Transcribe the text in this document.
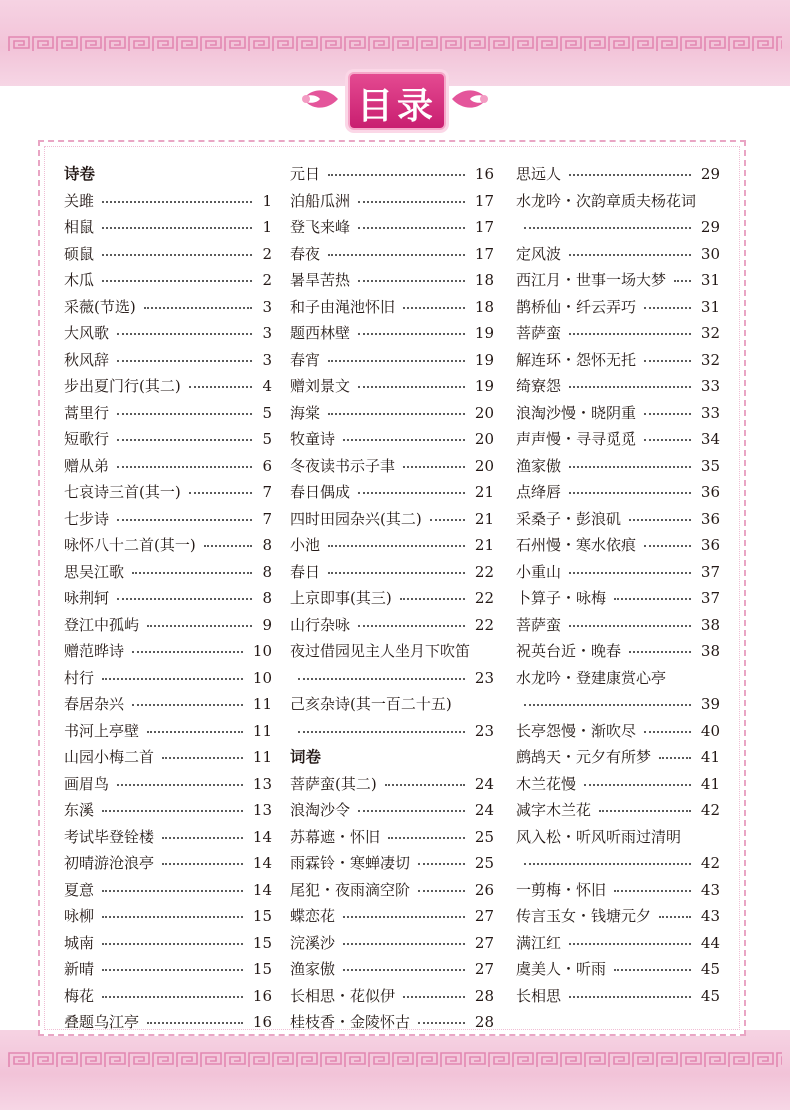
目录
诗卷
关雎	1
相鼠	1
硕鼠	2
木瓜	2
采薇(节选)	3
大风歌	3
秋风辞	3
步出夏门行(其二)	4
蒿里行	5
短歌行	5
赠从弟	6
七哀诗三首(其一)	7
七步诗	7
咏怀八十二首(其一)	8
思吴江歌	8
咏荆轲	8
登江中孤屿	9
赠范晔诗	10
村行	10
春居杂兴	11
书河上亭壁	11
山园小梅二首	11
画眉鸟	13
东溪	13
考试毕登铨楼	14
初晴游沧浪亭	14
夏意	14
咏柳	15
城南	15
新晴	15
梅花	16
叠题乌江亭	16
元日	16
泊船瓜洲	17
登飞来峰	17
春夜	17
暑旱苦热	18
和子由渑池怀旧	18
题西林壁	19
春宵	19
赠刘景文	19
海棠	20
牧童诗	20
冬夜读书示子聿	20
春日偶成	21
四时田园杂兴(其二)	21
小池	21
春日	22
上京即事(其三)	22
山行杂咏	22
夜过借园见主人坐月下吹笛
23
己亥杂诗(其一百二十五)
23
词卷
菩萨蛮(其二)	24
浪淘沙令	24
苏幕遮・怀旧	25
雨霖铃・寒蝉凄切	25
尾犯・夜雨滴空阶	26
蝶恋花	27
浣溪沙	27
渔家傲	27
长相思・花似伊	28
桂枝香・金陵怀古	28
思远人	29
水龙吟・次韵章质夫杨花词
29
定风波	30
西江月・世事一场大梦 31
鹊桥仙・纤云弄巧	31
菩萨蛮	32
解连环・怨怀无托	32
绮寮怨	33
浪淘沙慢・晓阴重	33
声声慢・寻寻觅觅	34
渔家傲	35
点绛唇	36
采桑子・彭浪矶	36
石州慢・寒水依痕	36
小重山	37
卜算子・咏梅	37
菩萨蛮	38
祝英台近・晚春	38
水龙吟・登建康赏心亭
39
长亭怨慢・渐吹尽	40
鹧鸪天・元夕有所梦	41
木兰花慢	41
减字木兰花	42
风入松・听风听雨过清明
42
一剪梅・怀旧	43
传言玉女・钱塘元夕	43
满江红	44
虞美人・听雨	45
长相思	45
